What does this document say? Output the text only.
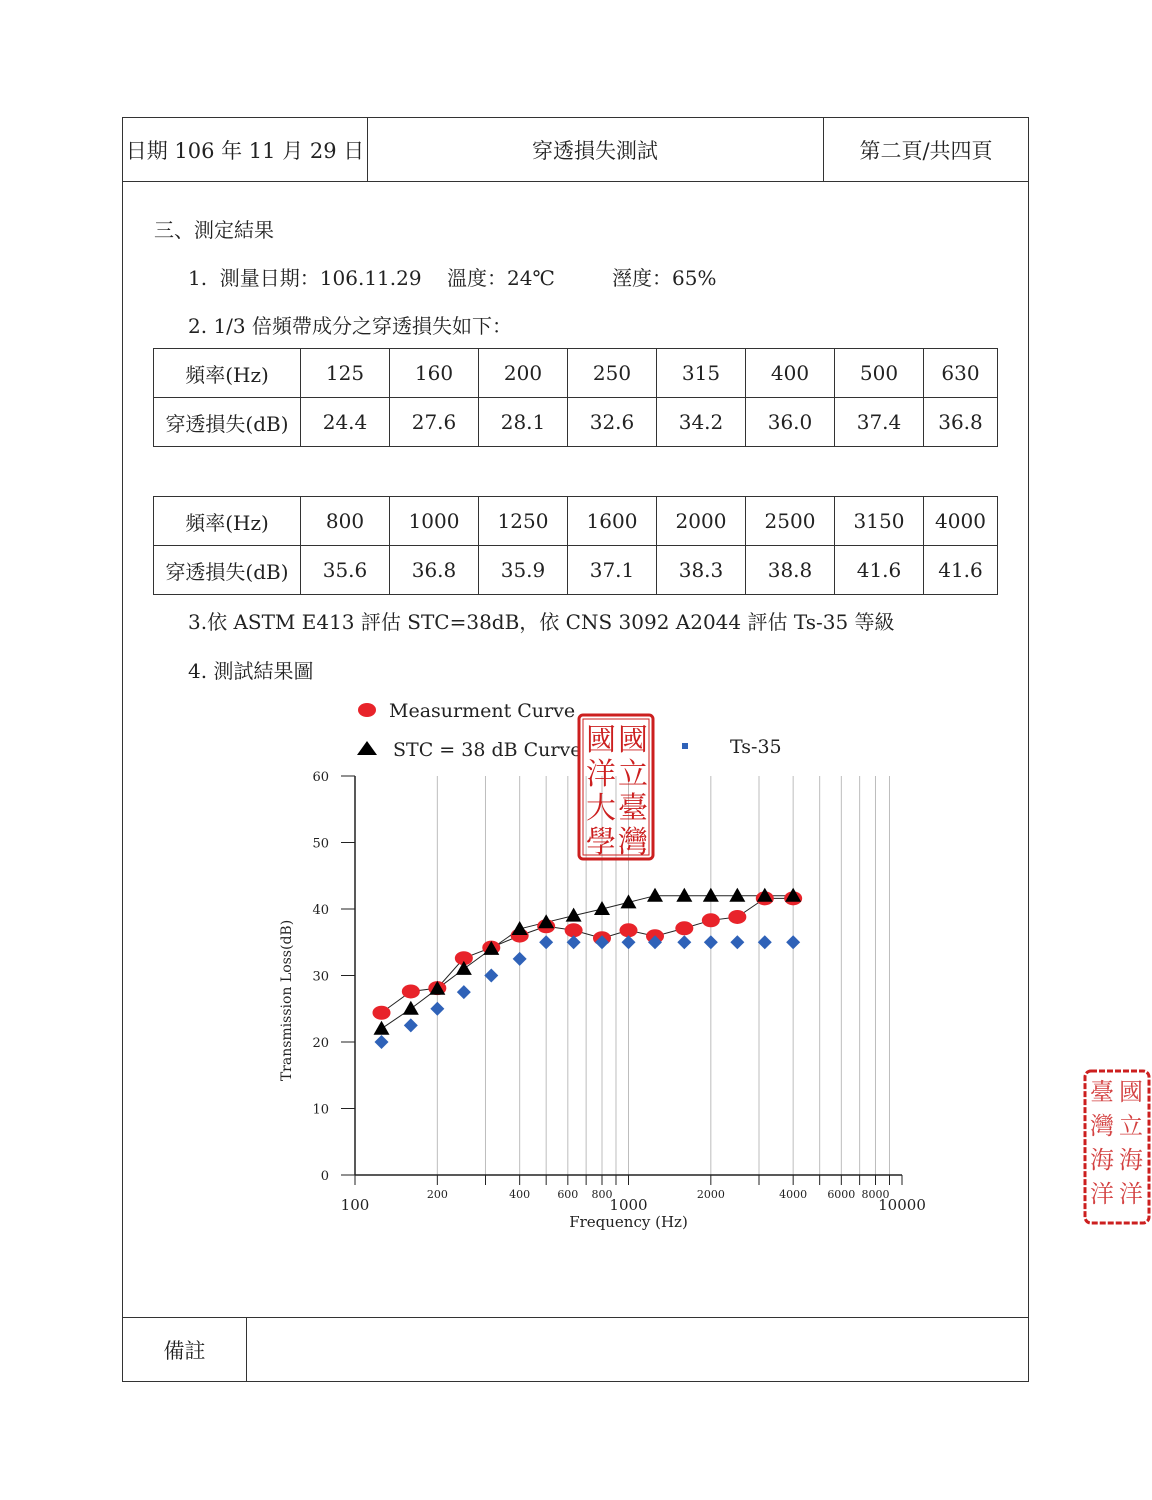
日期 106 年 11 月 29 日	穿透損失測試	第二頁/共四頁
備註
三、測定結果
1.  測量日期：106.11.29    溫度：24℃         溼度：65%
2. 1/3 倍頻帶成分之穿透損失如下：
頻率(Hz)	125	160	200	250	315	400	500	630
穿透損失(dB)	24.4	27.6	28.1	32.6	34.2	36.0	37.4	36.8
頻率(Hz)	800	1000	1250	1600	2000	2500	3150	4000
穿透損失(dB)	35.6	36.8	35.9	37.1	38.3	38.8	41.6	41.6
3.依 ASTM E413 評估 STC=38dB，依 CNS 3092 A2044 評估 Ts-35 等級
4. 測試結果圖
0
10
20
30
40
50
60
100	1000	10000
200	400 600 800	2000	4000 6000 8000
Frequency (Hz)
Transmission Loss(dB)
Measurment Curve
STC = 38 dB Curve	Ts-35
國 國
洋 立
大 臺
學 灣
臺 國
灣 立
海 海
洋 洋
